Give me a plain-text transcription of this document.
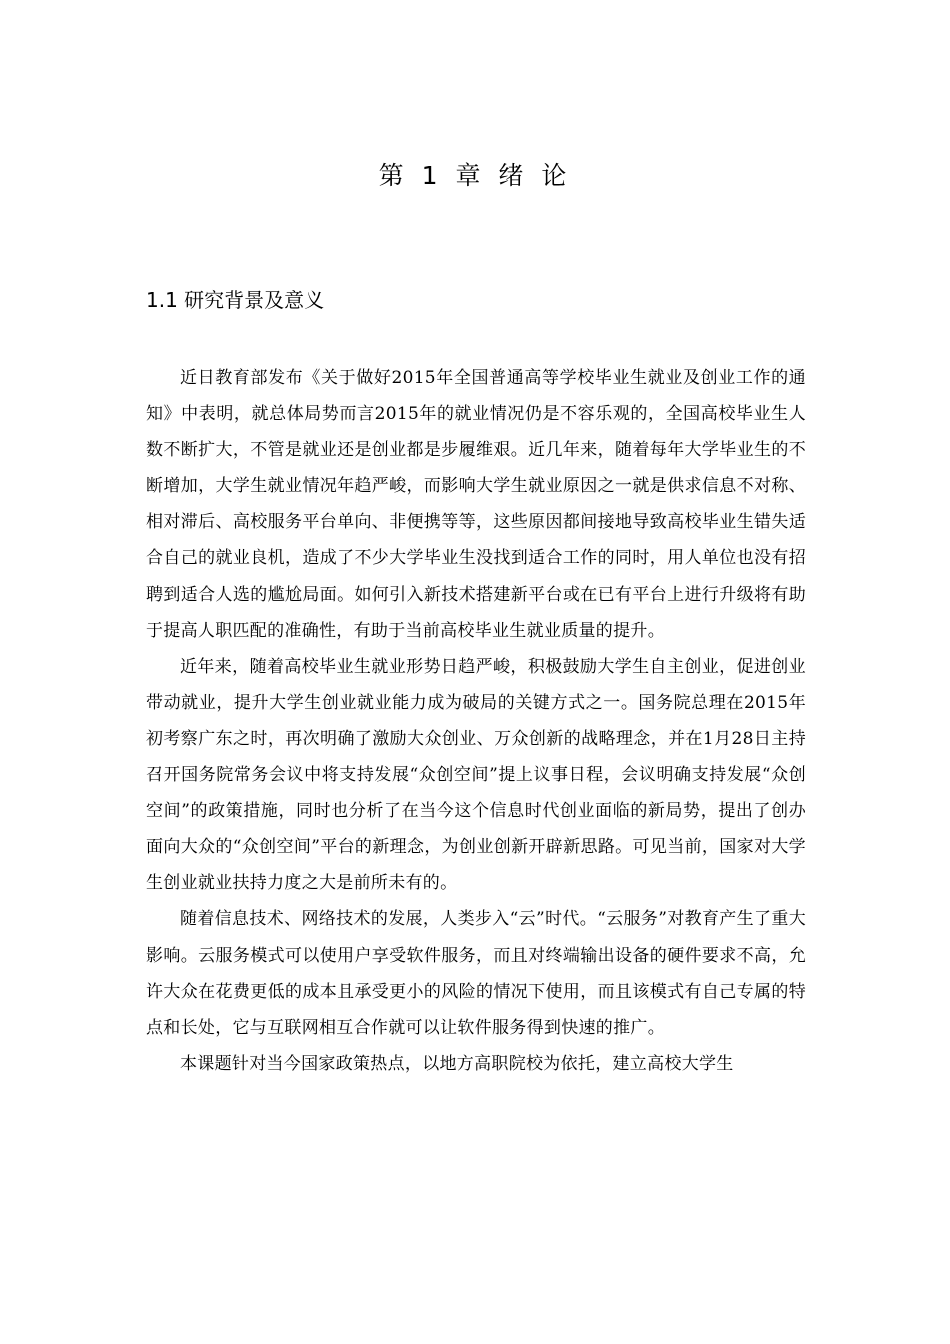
第 1 章 绪 论
1.1 研究背景及意义

近日教育部发布《关于做好2015年全国普通高等学校毕业生就业及创业工作的通知》中表明，就总体局势而言2015年的就业情况仍是不容乐观的，全国高校毕业生人数不断扩大，不管是就业还是创业都是步履维艰。近几年来，随着每年大学毕业生的不断增加，大学生就业情况年趋严峻，而影响大学生就业原因之一就是供求信息不对称、相对滞后、高校服务平台单向、非便携等等，这些原因都间接地导致高校毕业生错失适合自己的就业良机，造成了不少大学毕业生没找到适合工作的同时，用人单位也没有招聘到适合人选的尴尬局面。如何引入新技术搭建新平台或在已有平台上进行升级将有助于提高人职匹配的准确性，有助于当前高校毕业生就业质量的提升。

近年来，随着高校毕业生就业形势日趋严峻，积极鼓励大学生自主创业，促进创业带动就业，提升大学生创业就业能力成为破局的关键方式之一。国务院总理在2015年初考察广东之时，再次明确了激励大众创业、万众创新的战略理念，并在1月28日主持召开国务院常务会议中将支持发展“众创空间”提上议事日程，会议明确支持发展“众创空间”的政策措施，同时也分析了在当今这个信息时代创业面临的新局势，提出了创办面向大众的“众创空间”平台的新理念，为创业创新开辟新思路。可见当前，国家对大学生创业就业扶持力度之大是前所未有的。

随着信息技术、网络技术的发展，人类步入“云”时代。“云服务”对教育产生了重大影响。云服务模式可以使用户享受软件服务，而且对终端输出设备的硬件要求不高，允许大众在花费更低的成本且承受更小的风险的情况下使用，而且该模式有自己专属的特点和长处，它与互联网相互合作就可以让软件服务得到快速的推广。

本课题针对当今国家政策热点，以地方高职院校为依托，建立高校大学生
